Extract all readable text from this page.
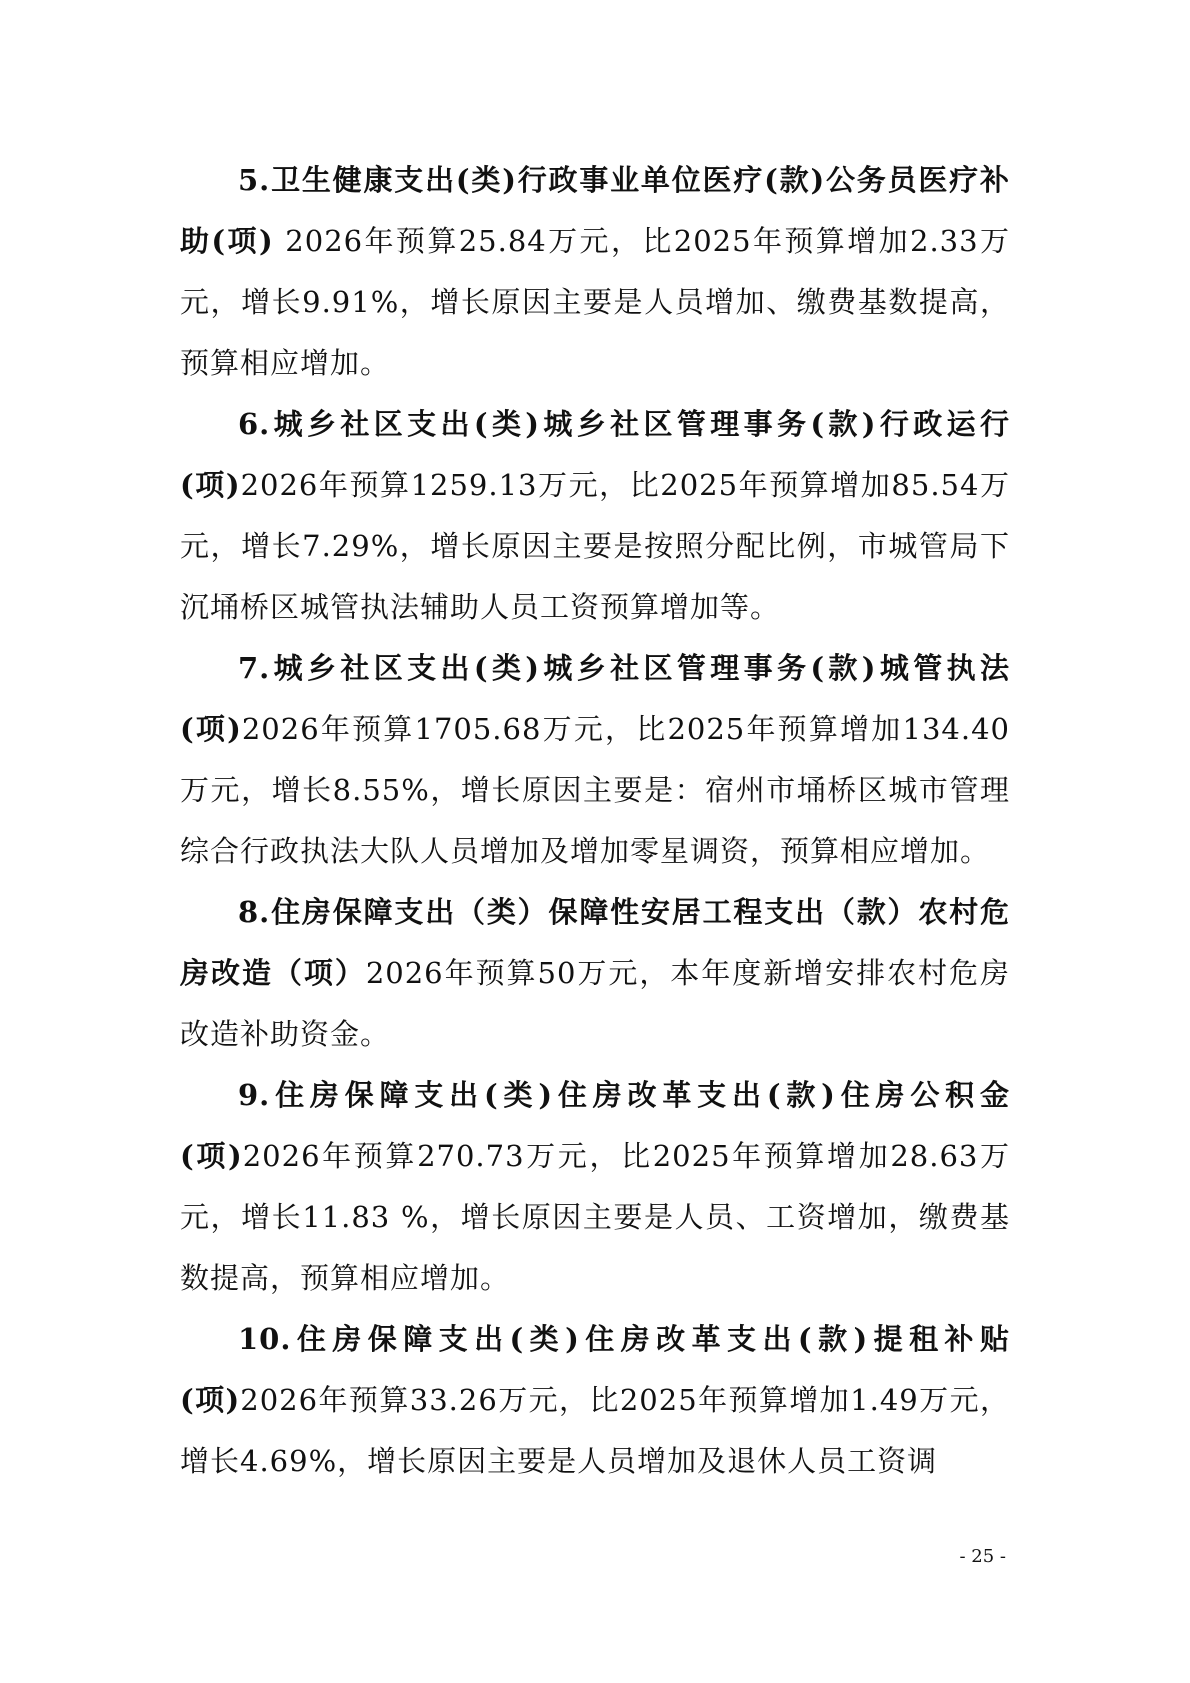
5.卫生健康支出(类)行政事业单位医疗(款)公务员医疗补助(项) 2026年预算25.84万元，比2025年预算增加2.33万元，增长9.91%，增长原因主要是人员增加、缴费基数提高，预算相应增加。

6.城乡社区支出(类)城乡社区管理事务(款)行政运行(项)2026年预算1259.13万元，比2025年预算增加85.54万元，增长7.29%，增长原因主要是按照分配比例，市城管局下沉埇桥区城管执法辅助人员工资预算增加等。

7.城乡社区支出(类)城乡社区管理事务(款)城管执法(项)2026年预算1705.68万元，比2025年预算增加134.40万元，增长8.55%，增长原因主要是：宿州市埇桥区城市管理综合行政执法大队人员增加及增加零星调资，预算相应增加。

8.住房保障支出（类）保障性安居工程支出（款）农村危房改造（项）2026年预算50万元，本年度新增安排农村危房改造补助资金。

9.住房保障支出(类)住房改革支出(款)住房公积金(项)2026年预算270.73万元，比2025年预算增加28.63万元，增长11.83 %，增长原因主要是人员、工资增加，缴费基数提高，预算相应增加。

10.住房保障支出(类)住房改革支出(款)提租补贴(项)2026年预算33.26万元，比2025年预算增加1.49万元，增长4.69%，增长原因主要是人员增加及退休人员工资调

- 25 -
